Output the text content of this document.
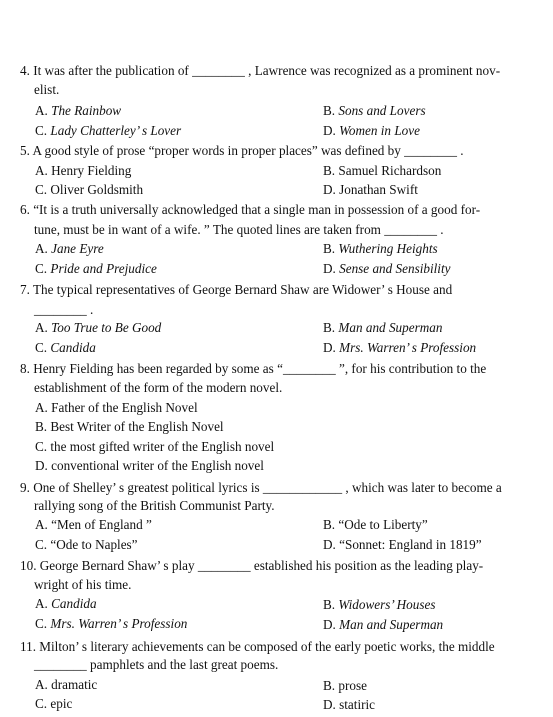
4. It was after the publication of ________ , Lawrence was recognized as a prominent nov-
elist.
A. The Rainbow	B. Sons and Lovers
C. Lady Chatterley’ s Lover	D. Women in Love
5. A good style of prose “proper words in proper places” was defined by ________ .
A. Henry Fielding	B. Samuel Richardson
C. Oliver Goldsmith	D. Jonathan Swift
6. “It is a truth universally acknowledged that a single man in possession of a good for-
tune, must be in want of a wife. ” The quoted lines are taken from ________ .
A. Jane Eyre	B. Wuthering Heights
C. Pride and Prejudice	D. Sense and Sensibility
7. The typical representatives of George Bernard Shaw are Widower’ s House and
________ .
A. Too True to Be Good	B. Man and Superman
C. Candida	D. Mrs. Warren’ s Profession
8. Henry Fielding has been regarded by some as “________ ”, for his contribution to the
establishment of the form of the modern novel.
A. Father of the English Novel
B. Best Writer of the English Novel
C. the most gifted writer of the English novel
D. conventional writer of the English novel
9. One of Shelley’ s greatest political lyrics is ____________ , which was later to become a
rallying song of the British Communist Party.
A. “Men of England ”	B. “Ode to Liberty”
C. “Ode to Naples”	D. “Sonnet: England in 1819”
10. George Bernard Shaw’ s play ________ established his position as the leading play-
wright of his time.
A. Candida	B. Widowers’ Houses
C. Mrs. Warren’ s Profession	D. Man and Superman
11. Milton’ s literary achievements can be composed of the early poetic works, the middle
________ pamphlets and the last great poems.
A. dramatic	B. prose
C. epic	D. statiric
